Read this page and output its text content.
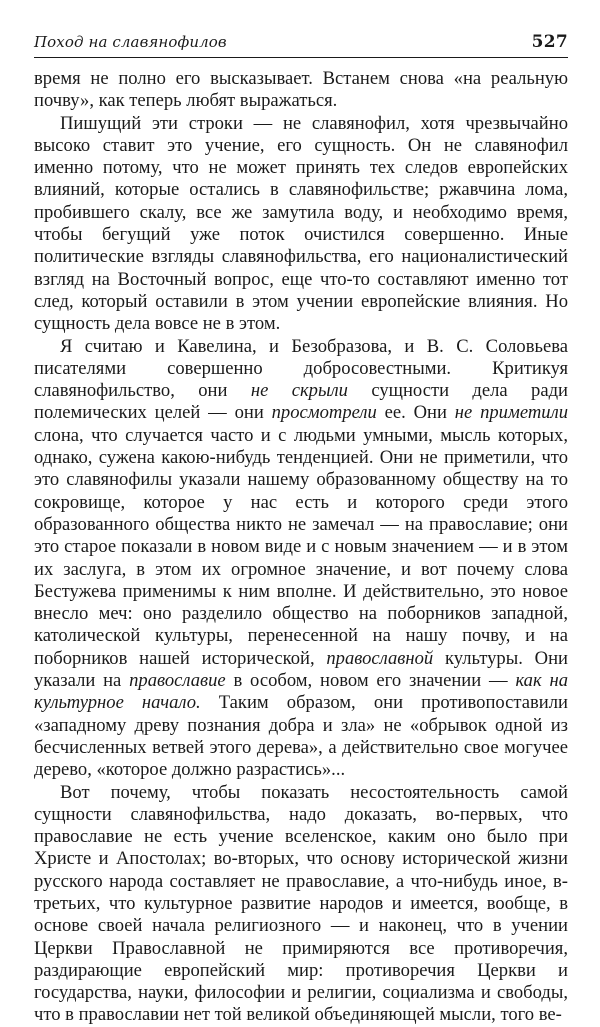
Поход на славянофилов	527

время не полно его высказывает. Встанем снова «на реальную почву», как теперь любят выражаться.

Пишущий эти строки — не славянофил, хотя чрезвычайно высоко ставит это учение, его сущность. Он не славянофил именно потому, что не может принять тех следов европейских влияний, которые остались в славянофильстве; ржавчина лома, пробившего скалу, все же замутила воду, и необходимо время, чтобы бегущий уже поток очистился совершенно. Иные политические взгляды славянофильства, его националистический взгляд на Восточный вопрос, еще что-то составляют именно тот след, который оставили в этом учении европейские влияния. Но сущность дела вовсе не в этом.

Я считаю и Кавелина, и Безобразова, и В. С. Соловьева писателями совершенно добросовестными. Критикуя славянофильство, они не скрыли сущности дела ради полемических целей — они просмотрели ее. Они не приметили слона, что случается часто и с людьми умными, мысль которых, однако, сужена какою-нибудь тенденцией. Они не приметили, что это славянофилы указали нашему образованному обществу на то сокровище, которое у нас есть и которого среди этого образованного общества никто не замечал — на православие; они это старое показали в новом виде и с новым значением — и в этом их заслуга, в этом их огромное значение, и вот почему слова Бестужева применимы к ним вполне. И действительно, это новое внесло меч: оно разделило общество на поборников западной, католической культуры, перенесенной на нашу почву, и на поборников нашей исторической, православной культуры. Они указали на православие в особом, новом его значении — как на культурное начало. Таким образом, они противопоставили «западному древу познания добра и зла» не «обрывок одной из бесчисленных ветвей этого дерева», а действительно свое могучее дерево, «которое должно разрастись»...

Вот почему, чтобы показать несостоятельность самой сущности славянофильства, надо доказать, во-первых, что православие не есть учение вселенское, каким оно было при Христе и Апостолах; во-вторых, что основу исторической жизни русского народа составляет не православие, а что-нибудь иное, в-третьих, что культурное развитие народов и имеется, вообще, в основе своей начала религиозного — и наконец, что в учении Церкви Православной не примиряются все противоречия, раздирающие европейский мир: противоречия Церкви и государства, науки, философии и религии, социализма и свободы, что в православии нет той великой объединяющей мысли, того ве-
